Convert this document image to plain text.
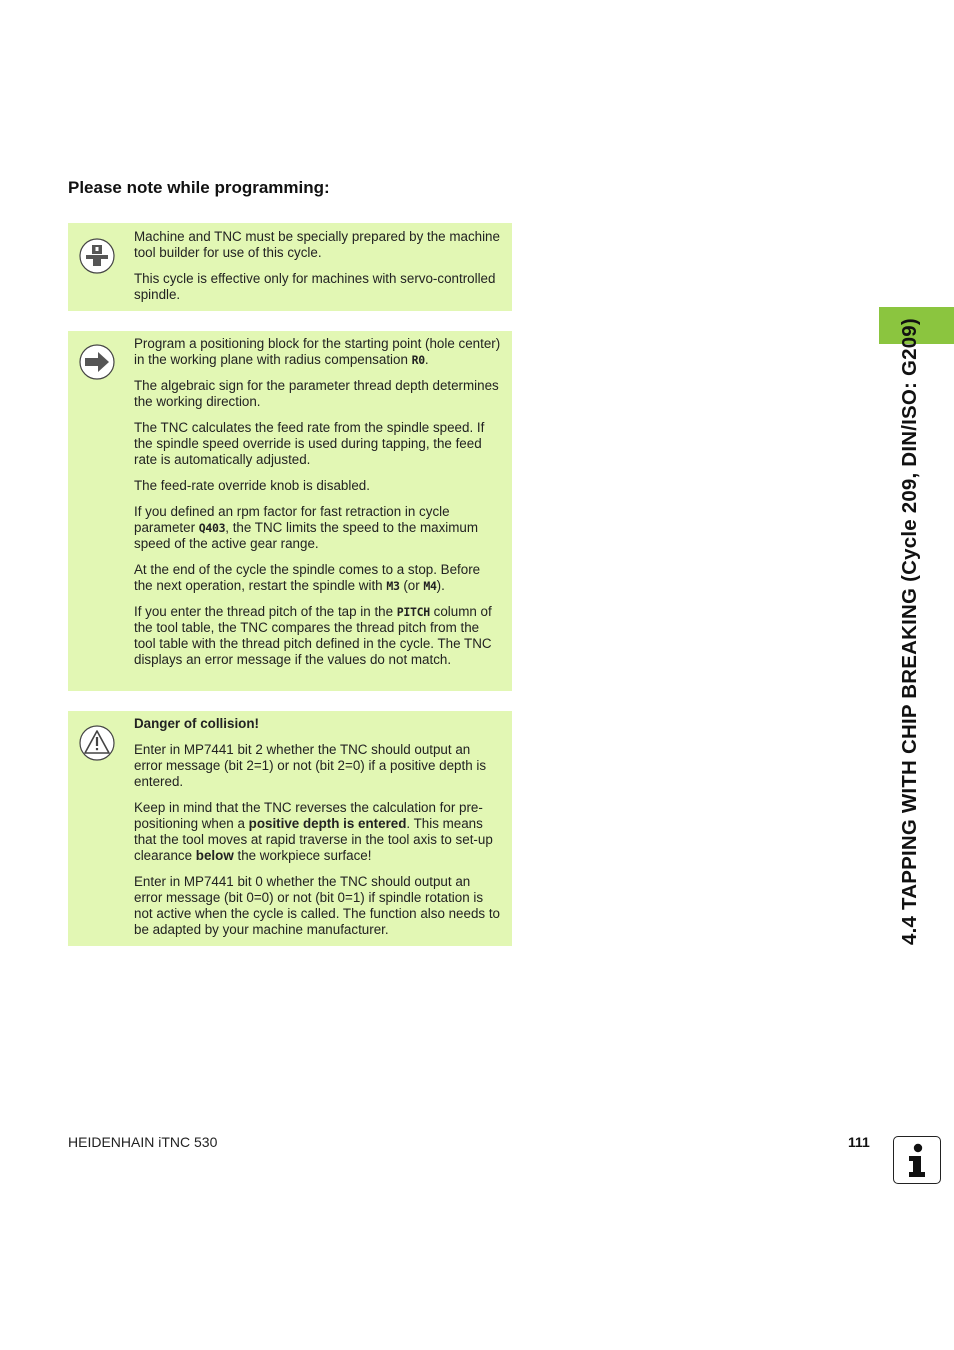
Please note while programming:

Machine and TNC must be specially prepared by the machine tool builder for use of this cycle.

This cycle is effective only for machines with servo-controlled spindle.

Program a positioning block for the starting point (hole center) in the working plane with radius compensation R0.

The algebraic sign for the parameter thread depth determines the working direction.

The TNC calculates the feed rate from the spindle speed. If the spindle speed override is used during tapping, the feed rate is automatically adjusted.

The feed-rate override knob is disabled.

If you defined an rpm factor for fast retraction in cycle parameter Q403, the TNC limits the speed to the maximum speed of the active gear range.

At the end of the cycle the spindle comes to a stop. Before the next operation, restart the spindle with M3 (or M4).

If you enter the thread pitch of the tap in the PITCH column of the tool table, the TNC compares the thread pitch from the tool table with the thread pitch defined in the cycle. The TNC displays an error message if the values do not match.

Danger of collision!

Enter in MP7441 bit 2 whether the TNC should output an error message (bit 2=1) or not (bit 2=0) if a positive depth is entered.

Keep in mind that the TNC reverses the calculation for pre-positioning when a positive depth is entered. This means that the tool moves at rapid traverse in the tool axis to set-up clearance below the workpiece surface!

Enter in MP7441 bit 0 whether the TNC should output an error message (bit 0=0) or not (bit 0=1) if spindle rotation is not active when the cycle is called. The function also needs to be adapted by your machine manufacturer.	4.4 TAPPING WITH CHIP BREAKING (Cycle 209, DIN/ISO: G209)
HEIDENHAIN iTNC 530	111
